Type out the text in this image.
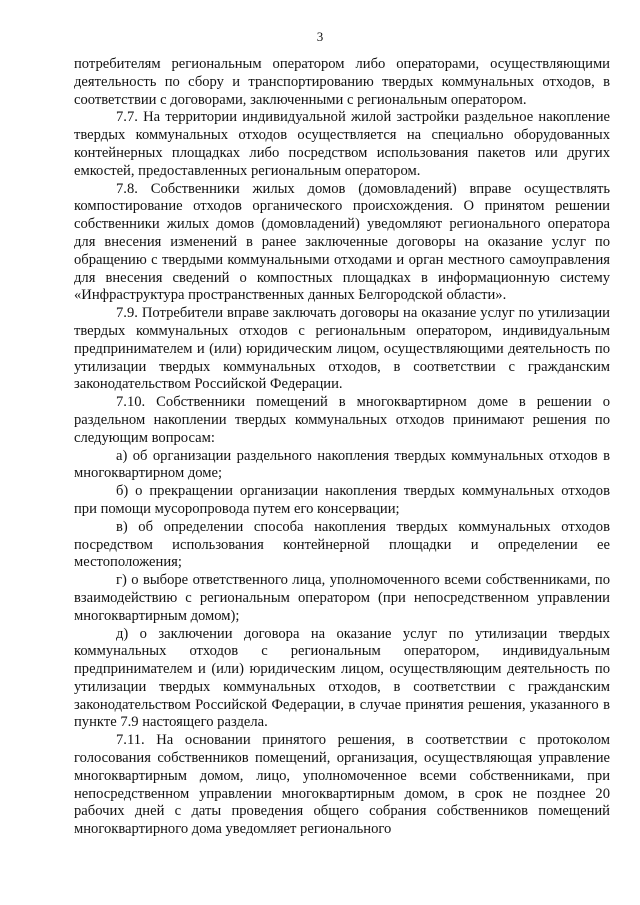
3

потребителям региональным оператором либо операторами, осуществляющими деятельность по сбору и транспортированию твердых коммунальных отходов, в соответствии с договорами, заключенными с региональным оператором.

7.7. На территории индивидуальной жилой застройки раздельное накопление твердых коммунальных отходов осуществляется на специально оборудованных контейнерных площадках либо посредством использования пакетов или других емкостей, предоставленных региональным оператором.

7.8. Собственники жилых домов (домовладений) вправе осуществлять компостирование отходов органического происхождения. О принятом решении собственники жилых домов (домовладений) уведомляют регионального оператора для внесения изменений в ранее заключенные договоры на оказание услуг по обращению с твердыми коммунальными отходами и орган местного самоуправления для внесения сведений о компостных площадках в информационную систему «Инфраструктура пространственных данных Белгородской области».

7.9. Потребители вправе заключать договоры на оказание услуг по утилизации твердых коммунальных отходов с региональным оператором, индивидуальным предпринимателем и (или) юридическим лицом, осуществляющими деятельность по утилизации твердых коммунальных отходов, в соответствии с гражданским законодательством Российской Федерации.

7.10. Собственники помещений в многоквартирном доме в решении о раздельном накоплении твердых коммунальных отходов принимают решения по следующим вопросам:

а) об организации раздельного накопления твердых коммунальных отходов в многоквартирном доме;

б) о прекращении организации накопления твердых коммунальных отходов при помощи мусоропровода путем его консервации;

в) об определении способа накопления твердых коммунальных отходов посредством использования контейнерной площадки и определении ее местоположения;

г) о выборе ответственного лица, уполномоченного всеми собственниками, по взаимодействию с региональным оператором (при непосредственном управлении многоквартирным домом);

д) о заключении договора на оказание услуг по утилизации твердых коммунальных отходов с региональным оператором, индивидуальным предпринимателем и (или) юридическим лицом, осуществляющим деятельность по утилизации твердых коммунальных отходов, в соответствии с гражданским законодательством Российской Федерации, в случае принятия решения, указанного в пункте 7.9 настоящего раздела.

7.11. На основании принятого решения, в соответствии с протоколом голосования собственников помещений, организация, осуществляющая управление многоквартирным домом, лицо, уполномоченное всеми собственниками, при непосредственном управлении многоквартирным домом, в срок не позднее 20 рабочих дней с даты проведения общего собрания собственников помещений многоквартирного дома уведомляет регионального
